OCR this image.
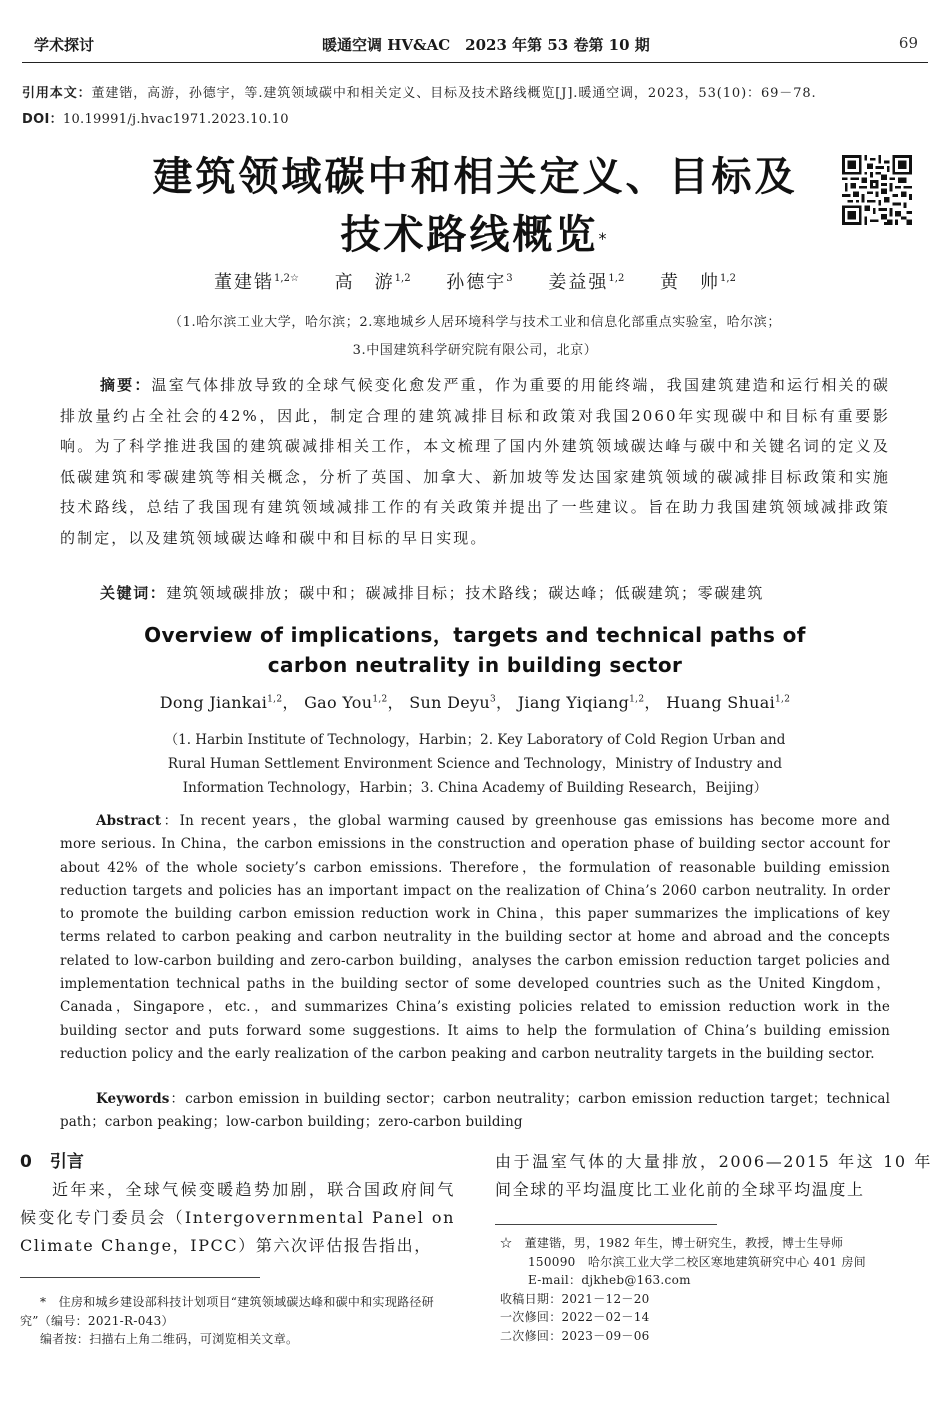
学术探讨	暖通空调 HV&AC　2023 年第 53 卷第 10 期	69
引用本文：董建锴，高游，孙德宇，等.建筑领域碳中和相关定义、目标及技术路线概览[J].暖通空调，2023，53(10)：69－78.
DOI：10.19991/j.hvac1971.2023.10.10
建筑领域碳中和相关定义、目标及
技术路线概览*
董建锴$^{1,2☆}$ 高　游$^{1,2}$ 孙德宇$^3$ 姜益强$^{1,2}$ 黄　帅$^{1,2}$
（1.哈尔滨工业大学，哈尔滨；2.寒地城乡人居环境科学与技术工业和信息化部重点实验室，哈尔滨；
3.中国建筑科学研究院有限公司，北京）
摘要：温室气体排放导致的全球气候变化愈发严重，作为重要的用能终端，我国建筑建造和运行相关的碳排放量约占全社会的42%，因此，制定合理的建筑减排目标和政策对我国2060年实现碳中和目标有重要影响。为了科学推进我国的建筑碳减排相关工作，本文梳理了国内外建筑领域碳达峰与碳中和关键名词的定义及低碳建筑和零碳建筑等相关概念，分析了英国、加拿大、新加坡等发达国家建筑领域的碳减排目标政策和实施技术路线，总结了我国现有建筑领域减排工作的有关政策并提出了一些建议。旨在助力我国建筑领域减排政策的制定，以及建筑领域碳达峰和碳中和目标的早日实现。
关键词：建筑领域碳排放；碳中和；碳减排目标；技术路线；碳达峰；低碳建筑；零碳建筑
Overview of implications，targets and technical paths of
carbon neutrality in building sector
Dong Jiankai$^{1,2}$， Gao You$^{1,2}$， Sun Deyu$^3$， Jiang Yiqiang$^{1,2}$， Huang Shuai$^{1,2}$
（1. Harbin Institute of Technology，Harbin；2. Key Laboratory of Cold Region Urban and
Rural Human Settlement Environment Science and Technology，Ministry of Industry and
Information Technology，Harbin；3. China Academy of Building Research，Beijing）
Abstract：In recent years，the global warming caused by greenhouse gas emissions has become more and more serious. In China，the carbon emissions in the construction and operation phase of building sector account for about 42% of the whole society’s carbon emissions. Therefore，the formulation of reasonable building emission reduction targets and policies has an important impact on the realization of China’s 2060 carbon neutrality. In order to promote the building carbon emission reduction work in China，this paper summarizes the implications of key terms related to carbon peaking and carbon neutrality in the building sector at home and abroad and the concepts related to low-carbon building and zero-carbon building，analyses the carbon emission reduction target policies and implementation technical paths in the building sector of some developed countries such as the United Kingdom，Canada，Singapore，etc.，and summarizes China’s existing policies related to emission reduction work in the building sector and puts forward some suggestions. It aims to help the formulation of China’s building emission reduction policy and the early realization of the carbon peaking and carbon neutrality targets in the building sector.
Keywords：carbon emission in building sector；carbon neutrality；carbon emission reduction target；technical path；carbon peaking；low-carbon building；zero-carbon building
0 引言

近年来，全球气候变暖趋势加剧，联合国政府间气候变化专门委员会（Intergovernmental Panel on Climate Change，IPCC）第六次评估报告指出，

由于温室气体的大量排放，2006—2015 年这 10 年间全球的平均温度比工业化前的全球平均温度上

*　住房和城乡建设部科技计划项目“建筑领域碳达峰和碳中和实现路径研究”（编号：2021-R-043）
编者按：扫描右上角二维码，可浏览相关文章。
☆　董建锴，男，1982 年生，博士研究生，教授，博士生导师
150090　哈尔滨工业大学二校区寒地建筑研究中心 401 房间
E-mail：djkheb@163.com
收稿日期：2021－12－20
一次修回：2022－02－14
二次修回：2023－09－06
